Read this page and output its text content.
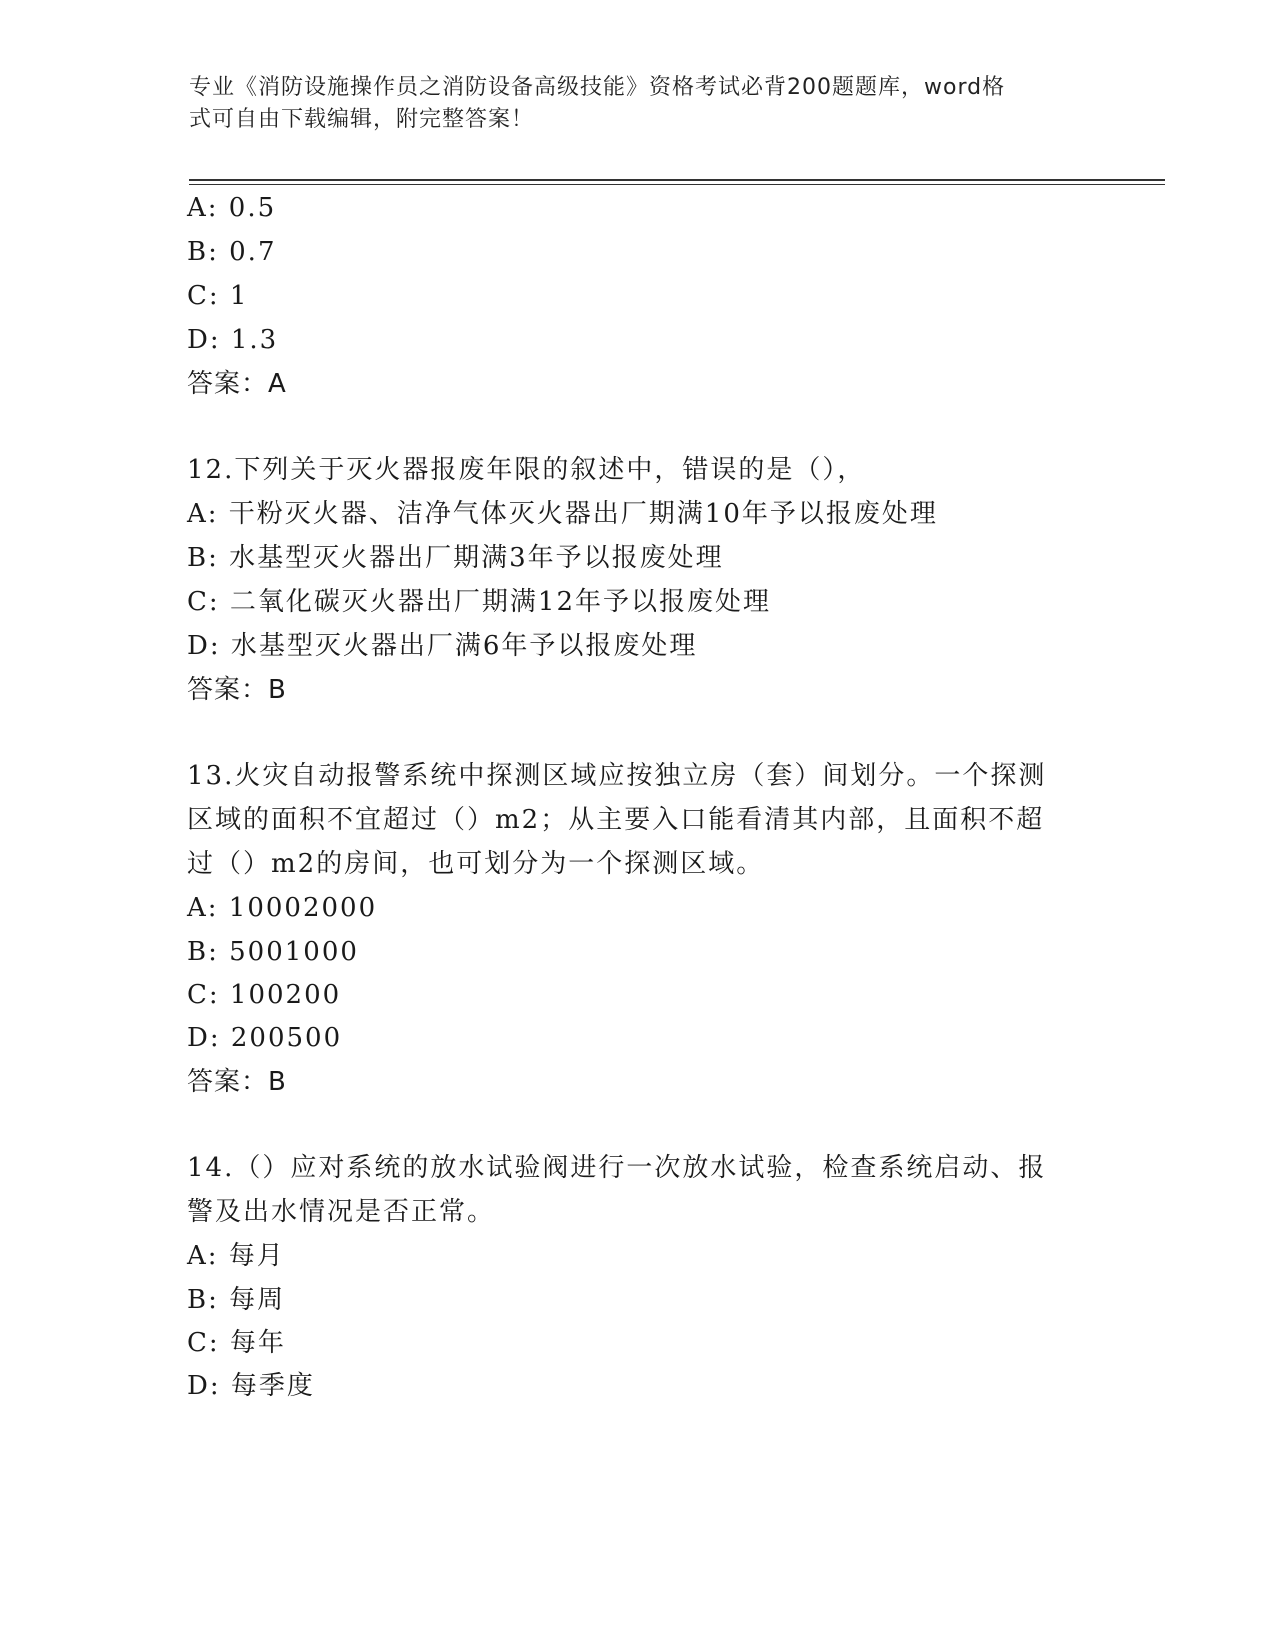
专业《消防设施操作员之消防设备高级技能》资格考试必背200题题库，word格
式可自由下载编辑，附完整答案！
A: 0.5
B: 0.7
C: 1
D: 1.3
答案：A
12.下列关于灭火器报废年限的叙述中，错误的是（），
A: 干粉灭火器、洁净气体灭火器出厂期满10年予以报废处理
B: 水基型灭火器出厂期满3年予以报废处理
C: 二氧化碳灭火器出厂期满12年予以报废处理
D: 水基型灭火器出厂满6年予以报废处理
答案：B
13.火灾自动报警系统中探测区域应按独立房（套）间划分。一个探测
区域的面积不宜超过（）m2；从主要入口能看清其内部，且面积不超
过（）m2的房间，也可划分为一个探测区域。
A: 10002000
B: 5001000
C: 100200
D: 200500
答案：B
14.（）应对系统的放水试验阀进行一次放水试验，检查系统启动、报
警及出水情况是否正常。
A: 每月
B: 每周
C: 每年
D: 每季度
